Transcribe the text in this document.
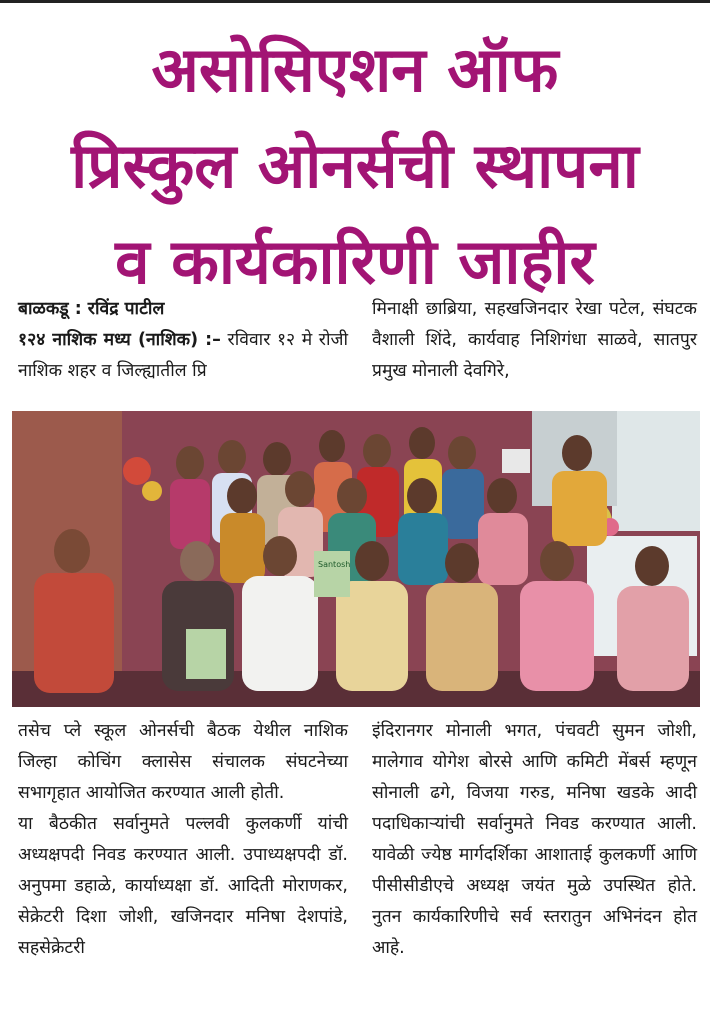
असोसिएशन ऑफ
प्रिस्कुल ओनर्सची स्थापना
व कार्यकारिणी जाहीर

बाळकडू : रविंद्र पाटील

१२४ नाशिक मध्य (नाशिक) :– रविवार १२ मे रोजी नाशिक शहर व जिल्ह्यातील प्रि

मिनाक्षी छाब्रिया, सहखजिनदार रेखा पटेल, संघटक वैशाली शिंदे, कार्यवाह निशिगंधा साळवे, सातपुर प्रमुख मोनाली देवगिरे,

Santosh

तसेच प्ले स्कूल ओनर्सची बैठक येथील नाशिक जिल्हा कोचिंग क्लासेस संचालक संघटनेच्या सभागृहात आयोजित करण्यात आली होती.

या बैठकीत सर्वानुमते पल्लवी कुलकर्णी यांची अध्यक्षपदी निवड करण्यात आली. उपाध्यक्षपदी डॉ. अनुपमा डहाळे, कार्याध्यक्षा डॉ. आदिती मोराणकर, सेक्रेटरी दिशा जोशी, खजिनदार मनिषा देशपांडे, सहसेक्रेटरी

इंदिरानगर मोनाली भगत, पंचवटी सुमन जोशी, मालेगाव योगेश बोरसे आणि कमिटी मेंबर्स म्हणून सोनाली ढगे, विजया गरुड, मनिषा खडके आदी पदाधिकाऱ्यांची सर्वानुमते निवड करण्यात आली. यावेळी ज्येष्ठ मार्गदर्शिका आशाताई कुलकर्णी आणि पीसीसीडीएचे अध्यक्ष जयंत मुळे उपस्थित होते. नुतन कार्यकारिणीचे सर्व स्तरातुन अभिनंदन होत आहे.
